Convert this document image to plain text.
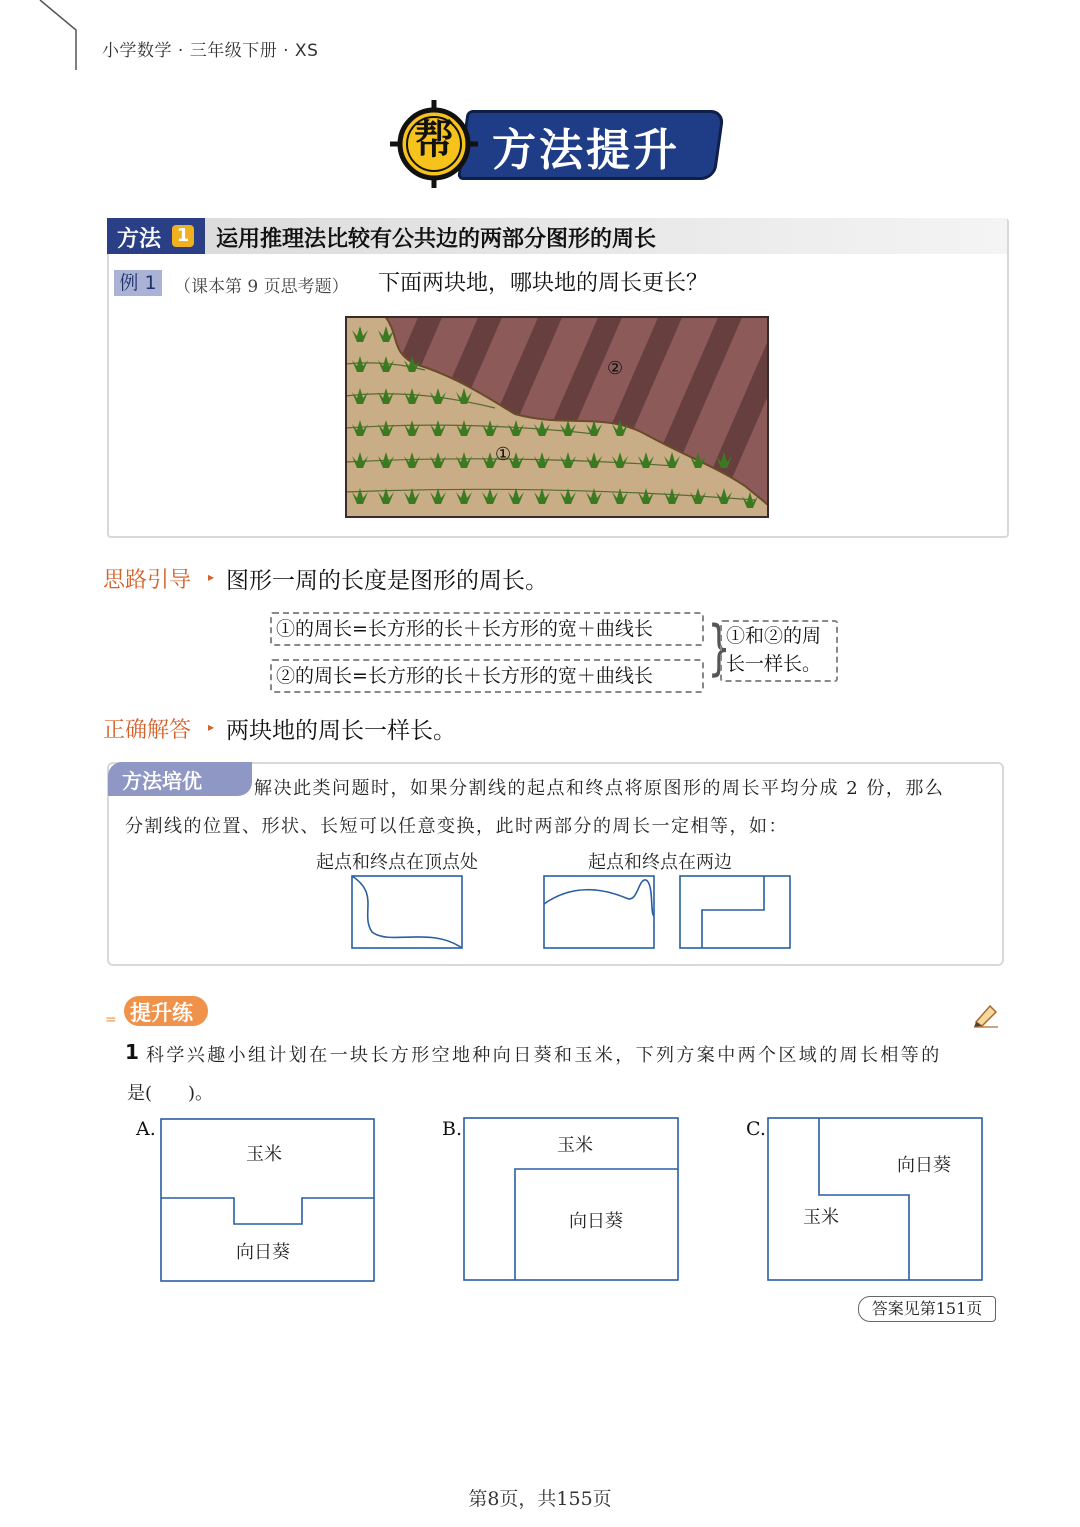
小学数学 · 三年级下册 · XS
方法提升
帮
方法 1 运用推理法比较有公共边的两部分图形的周长
例 1	（课本第 9 页思考题） 下面两块地，哪块地的周长更长？
②
①
思路引导 ▸ 图形一周的长度是图形的周长。
①的周长=长方形的长＋长方形的宽＋曲线长
②的周长=长方形的长＋长方形的宽＋曲线长 }
①和②的周
长一样长。
正确解答 ▸ 两块地的周长一样长。
方法培优	解决此类问题时，如果分割线的起点和终点将原图形的周长平均分成 2 份，那么
分割线的位置、形状、长短可以任意变换，此时两部分的周长一定相等，如：
起点和终点在顶点处	起点和终点在两边
提升练
=
1 科学兴趣小组计划在一块长方形空地种向日葵和玉米，下列方案中两个区域的周长相等的
是(　　)。
A.	B.	C.
玉米
向日葵
玉米
向日葵
向日葵
玉米
答案见第151页
第8页，共155页
